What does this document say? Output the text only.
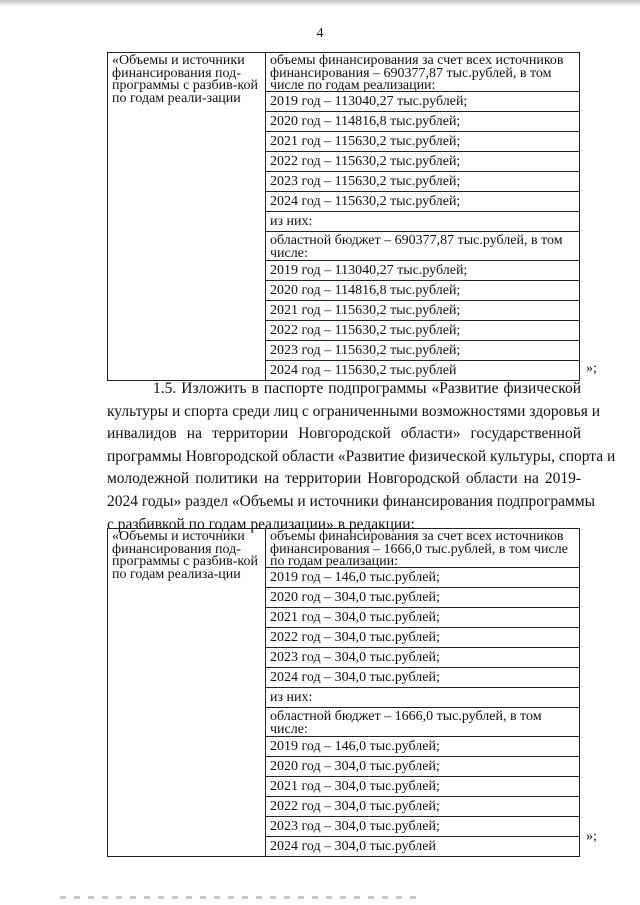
4
«Объемы и источники финансирования под-программы с разбив-кой по годам реали-зации	
объемы финансирования за счет всех источников финансирования – 690377,87 тыс.рублей, в том числе по годам реализации:
2019 год – 113040,27 тыс.рублей;
2020 год – 114816,8 тыс.рублей;
2021 год – 115630,2 тыс.рублей;
2022 год – 115630,2 тыс.рублей;
2023 год – 115630,2 тыс.рублей;
2024 год – 115630,2 тыс.рублей;
из них:
областной бюджет – 690377,87 тыс.рублей, в том числе:
2019 год – 113040,27 тыс.рублей;
2020 год – 114816,8 тыс.рублей;
2021 год – 115630,2 тыс.рублей;
2022 год – 115630,2 тыс.рублей;
2023 год – 115630,2 тыс.рублей;
2024 год – 115630,2 тыс.рублей	»;
1.5. Изложить в паспорте подпрограммы «Развитие физической
культуры и спорта среди лиц с ограниченными возможностями здоровья и
инвалидов на территории Новгородской области» государственной
программы Новгородской области «Развитие физической культуры, спорта и
молодежной политики на территории Новгородской области на 2019-
2024 годы» раздел «Объемы и источники финансирования подпрограммы
с разбивкой по годам реализации» в редакции:
«Объемы и источники финансирования под-программы с разбив-кой по годам реализа-ции	
объемы финансирования за счет всех источников финансирования – 1666,0 тыс.рублей, в том числе по годам реализации:
2019 год – 146,0 тыс.рублей;
2020 год – 304,0 тыс.рублей;
2021 год – 304,0 тыс.рублей;
2022 год – 304,0 тыс.рублей;
2023 год – 304,0 тыс.рублей;
2024 год – 304,0 тыс.рублей;
из них:
областной бюджет – 1666,0 тыс.рублей, в том числе:
2019 год – 146,0 тыс.рублей;
2020 год – 304,0 тыс.рублей;
2021 год – 304,0 тыс.рублей;
2022 год – 304,0 тыс.рублей;
2023 год – 304,0 тыс.рублей;
2024 год – 304,0 тыс.рублей
»;
